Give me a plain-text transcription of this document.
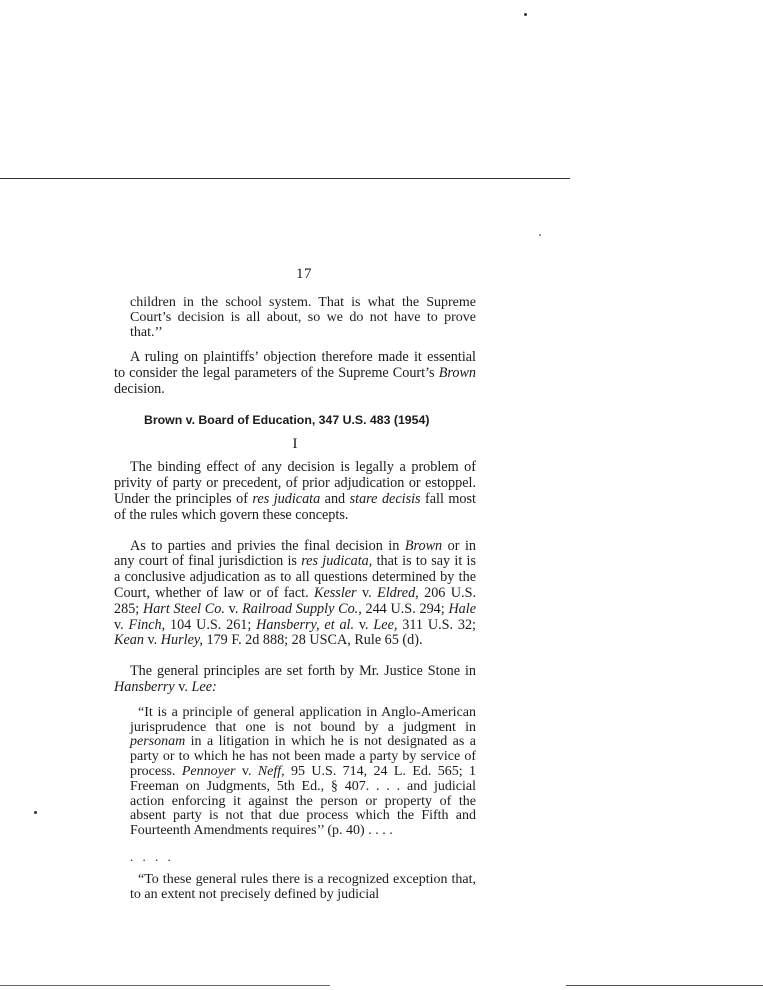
17

children in the school system. That is what the Supreme Court’s decision is all about, so we do not have to prove that.’’

A ruling on plaintiffs’ objection therefore made it essential to consider the legal parameters of the Supreme Court’s Brown decision.

Brown v. Board of Education, 347 U.S. 483 (1954)
I

The binding effect of any decision is legally a problem of privity of party or precedent, of prior adjudication or estoppel. Under the principles of res judicata and stare decisis fall most of the rules which govern these concepts.

As to parties and privies the final decision in Brown or in any court of final jurisdiction is res judicata, that is to say it is a conclusive adjudication as to all questions determined by the Court, whether of law or of fact. Kessler v. Eldred, 206 U.S. 285; Hart Steel Co. v. Railroad Supply Co., 244 U.S. 294; Hale v. Finch, 104 U.S. 261; Hansberry, et al. v. Lee, 311 U.S. 32; Kean v. Hurley, 179 F. 2d 888; 28 USCA, Rule 65 (d).

The general principles are set forth by Mr. Justice Stone in Hansberry v. Lee:

“It is a principle of general application in Anglo-American jurisprudence that one is not bound by a judgment in personam in a litigation in which he is not designated as a party or to which he has not been made a party by service of process. Pennoyer v. Neff, 95 U.S. 714, 24 L. Ed. 565; 1 Freeman on Judgments, 5th Ed., § 407. . . . and judicial action enforcing it against the person or property of the absent party is not that due process which the Fifth and Fourteenth Amendments requires’’ (p. 40) . . . .

. . . .

“To these general rules there is a recognized exception that, to an extent not precisely defined by judicial
